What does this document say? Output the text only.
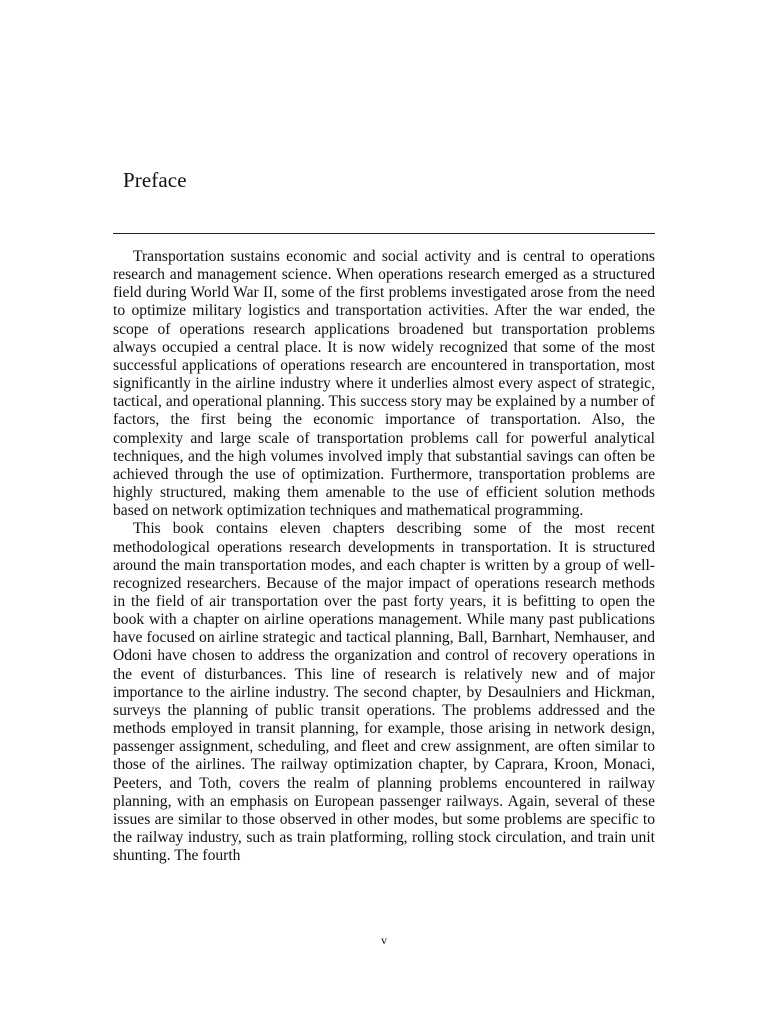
Preface

Transportation sustains economic and social activity and is central to operations research and management science. When operations research emerged as a structured field during World War II, some of the first problems investigated arose from the need to optimize military logistics and transportation activities. After the war ended, the scope of operations research applications broadened but transportation problems always occupied a central place. It is now widely recognized that some of the most successful applications of operations research are encountered in transportation, most significantly in the airline industry where it underlies almost every aspect of strategic, tactical, and operational planning. This success story may be explained by a number of factors, the first being the economic importance of transportation. Also, the complexity and large scale of transportation problems call for powerful analytical techniques, and the high volumes involved imply that substantial savings can often be achieved through the use of optimization. Furthermore, transportation problems are highly structured, making them amenable to the use of efficient solution methods based on network optimization techniques and mathematical programming.

This book contains eleven chapters describing some of the most recent methodological operations research developments in transportation. It is structured around the main transportation modes, and each chapter is written by a group of well-recognized researchers. Because of the major impact of operations research methods in the field of air transportation over the past forty years, it is befitting to open the book with a chapter on airline operations management. While many past publications have focused on airline strategic and tactical planning, Ball, Barnhart, Nemhauser, and Odoni have chosen to address the organization and control of recovery operations in the event of disturbances. This line of research is relatively new and of major importance to the airline industry. The second chapter, by Desaulniers and Hickman, surveys the planning of public transit operations. The problems addressed and the methods employed in transit planning, for example, those arising in network design, passenger assignment, scheduling, and fleet and crew assignment, are often similar to those of the airlines. The railway optimization chapter, by Caprara, Kroon, Monaci, Peeters, and Toth, covers the realm of planning problems encountered in railway planning, with an emphasis on European passenger railways. Again, several of these issues are similar to those observed in other modes, but some problems are specific to the railway industry, such as train platforming, rolling stock circulation, and train unit shunting. The fourth

v
